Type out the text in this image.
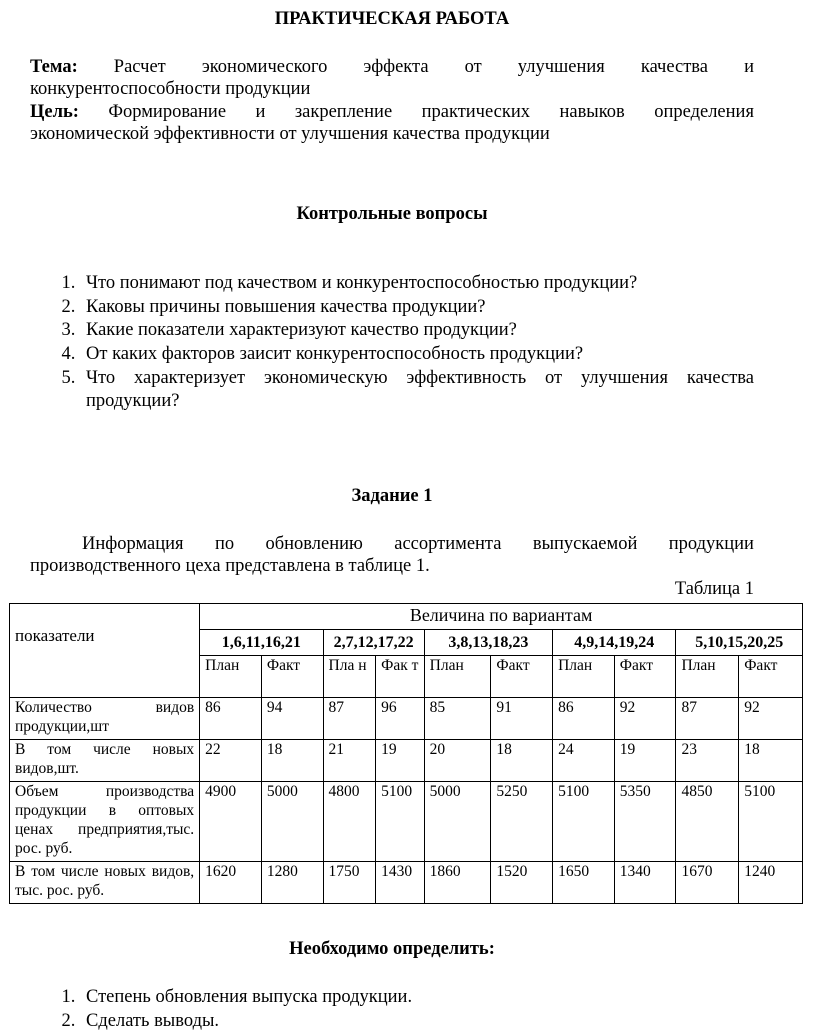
ПРАКТИЧЕСКАЯ РАБОТА
Тема: Расчет экономического эффекта от улучшения качества и
конкурентоспособности продукции
Цель: Формирование и закрепление практических навыков определения
экономической эффективности от улучшения качества продукции
Контрольные вопросы
1. Что понимают под качеством и конкурентоспособностью продукции?
2. Каковы причины повышения качества продукции?
3. Какие показатели характеризуют качество продукции?
4. От каких факторов заисит конкурентоспособность продукции?
5. Что характеризует экономическую эффективность от улучшения качества продукции?
Задание 1
Информация по обновлению ассортимента выпускаемой продукции
производственного цеха представлена в таблице 1.
Таблица 1
Необходимо определить:
1. Степень обновления выпуска продукции.
2. Сделать выводы.
показатели	Величина по вариантам									
	1,6,11,16,21		2,7,12,17,22		3,8,13,18,23		4,9,14,19,24		5,10,15,20,25	
	План	Факт	Пла н	Фак т	План	Факт	План	Факт	План	Факт
Количество видов продукции,шт	86	94	87	96	85	91	86	92	87	92
В том числе новых видов,шт.	22	18	21	19	20	18	24	19	23	18
Объем производства продукции в оптовых ценах предприятия,тыс. рос. руб.	4900	5000	4800	5100	5000	5250	5100	5350	4850	5100
В том числе новых видов, тыс. рос. руб.	1620	1280	1750	1430	1860	1520	1650	1340	1670	1240
